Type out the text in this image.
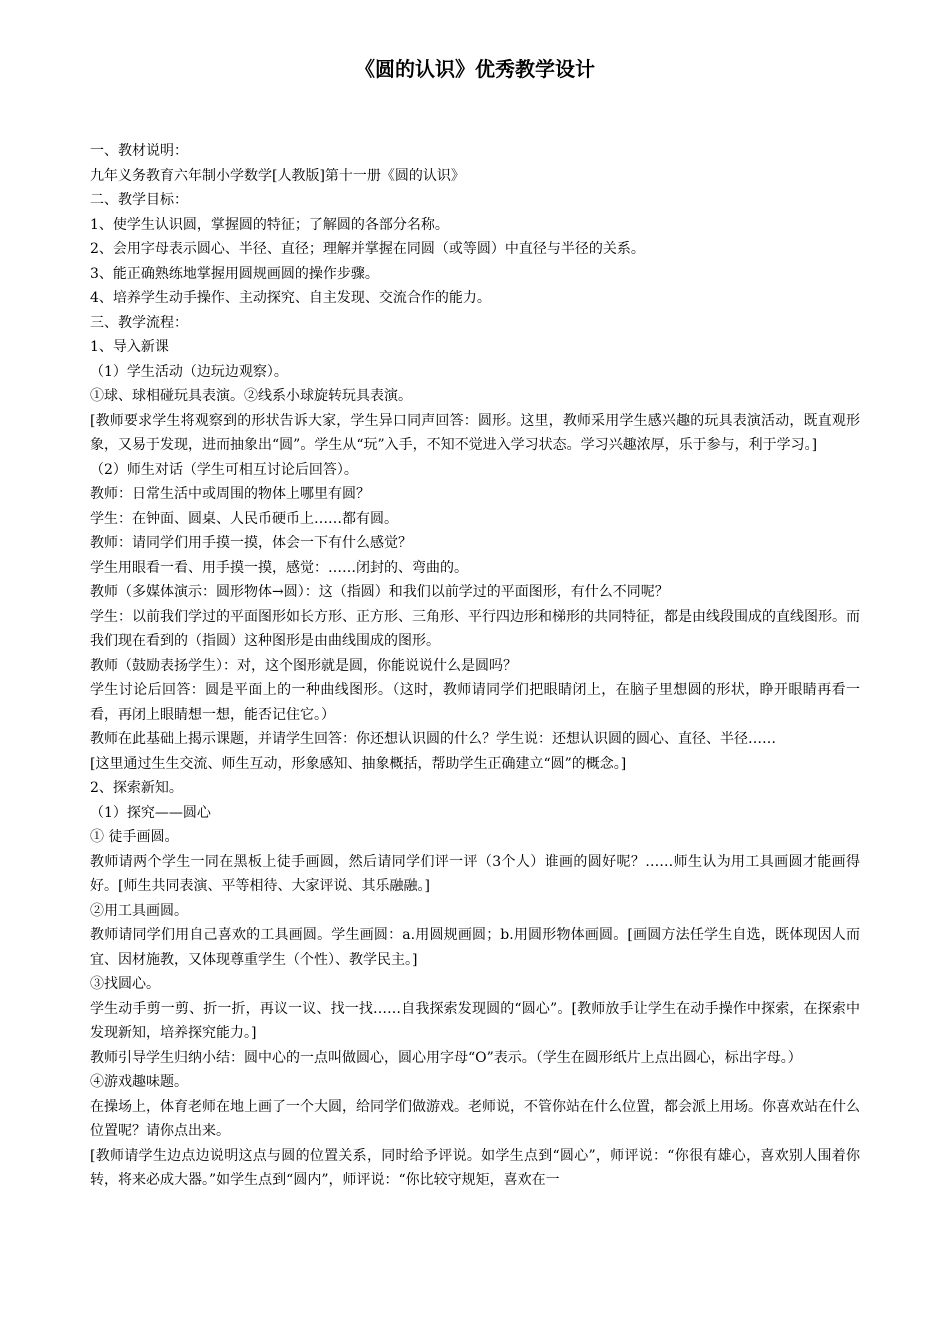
《圆的认识》优秀教学设计

一、教材说明：

九年义务教育六年制小学数学[人教版]第十一册《圆的认识》

二、教学目标：

1、使学生认识圆，掌握圆的特征；了解圆的各部分名称。

2、会用字母表示圆心、半径、直径；理解并掌握在同圆（或等圆）中直径与半径的关系。

3、能正确熟练地掌握用圆规画圆的操作步骤。

4、培养学生动手操作、主动探究、自主发现、交流合作的能力。

三、教学流程：

1、导入新课

（1）学生活动（边玩边观察）。

①球、球相碰玩具表演。②线系小球旋转玩具表演。

[教师要求学生将观察到的形状告诉大家，学生异口同声回答：圆形。这里，教师采用学生感兴趣的玩具表演活动，既直观形象，又易于发现，进而抽象出“圆”。学生从“玩”入手，不知不觉进入学习状态。学习兴趣浓厚，乐于参与，利于学习。]

（2）师生对话（学生可相互讨论后回答）。

教师：日常生活中或周围的物体上哪里有圆？

学生：在钟面、圆桌、人民币硬币上……都有圆。

教师：请同学们用手摸一摸，体会一下有什么感觉？

学生用眼看一看、用手摸一摸，感觉：……闭封的、弯曲的。

教师（多媒体演示：圆形物体→圆）：这（指圆）和我们以前学过的平面图形，有什么不同呢？

学生：以前我们学过的平面图形如长方形、正方形、三角形、平行四边形和梯形的共同特征，都是由线段围成的直线图形。而我们现在看到的（指圆）这种图形是由曲线围成的图形。

教师（鼓励表扬学生）：对，这个图形就是圆，你能说说什么是圆吗？

学生讨论后回答：圆是平面上的一种曲线图形。（这时，教师请同学们把眼睛闭上，在脑子里想圆的形状，睁开眼睛再看一看，再闭上眼睛想一想，能否记住它。）

教师在此基础上揭示课题，并请学生回答：你还想认识圆的什么？学生说：还想认识圆的圆心、直径、半径……

[这里通过生生交流、师生互动，形象感知、抽象概括，帮助学生正确建立“圆”的概念。]

2、探索新知。

（1）探究——圆心

① 徒手画圆。

教师请两个学生一同在黑板上徒手画圆，然后请同学们评一评（3个人）谁画的圆好呢？……师生认为用工具画圆才能画得好。[师生共同表演、平等相待、大家评说、其乐融融。]

②用工具画圆。

教师请同学们用自己喜欢的工具画圆。学生画圆：a.用圆规画圆；b.用圆形物体画圆。[画圆方法任学生自选，既体现因人而宜、因材施教，又体现尊重学生（个性）、教学民主。]

③找圆心。

学生动手剪一剪、折一折，再议一议、找一找……自我探索发现圆的“圆心”。[教师放手让学生在动手操作中探索，在探索中发现新知，培养探究能力。]

教师引导学生归纳小结：圆中心的一点叫做圆心，圆心用字母“O”表示。（学生在圆形纸片上点出圆心，标出字母。）

④游戏趣味题。

在操场上，体育老师在地上画了一个大圆，给同学们做游戏。老师说，不管你站在什么位置，都会派上用场。你喜欢站在什么位置呢？请你点出来。

[教师请学生边点边说明这点与圆的位置关系，同时给予评说。如学生点到“圆心”，师评说：“你很有雄心，喜欢别人围着你转，将来必成大器。”如学生点到“圆内”，师评说：“你比较守规矩，喜欢在一
